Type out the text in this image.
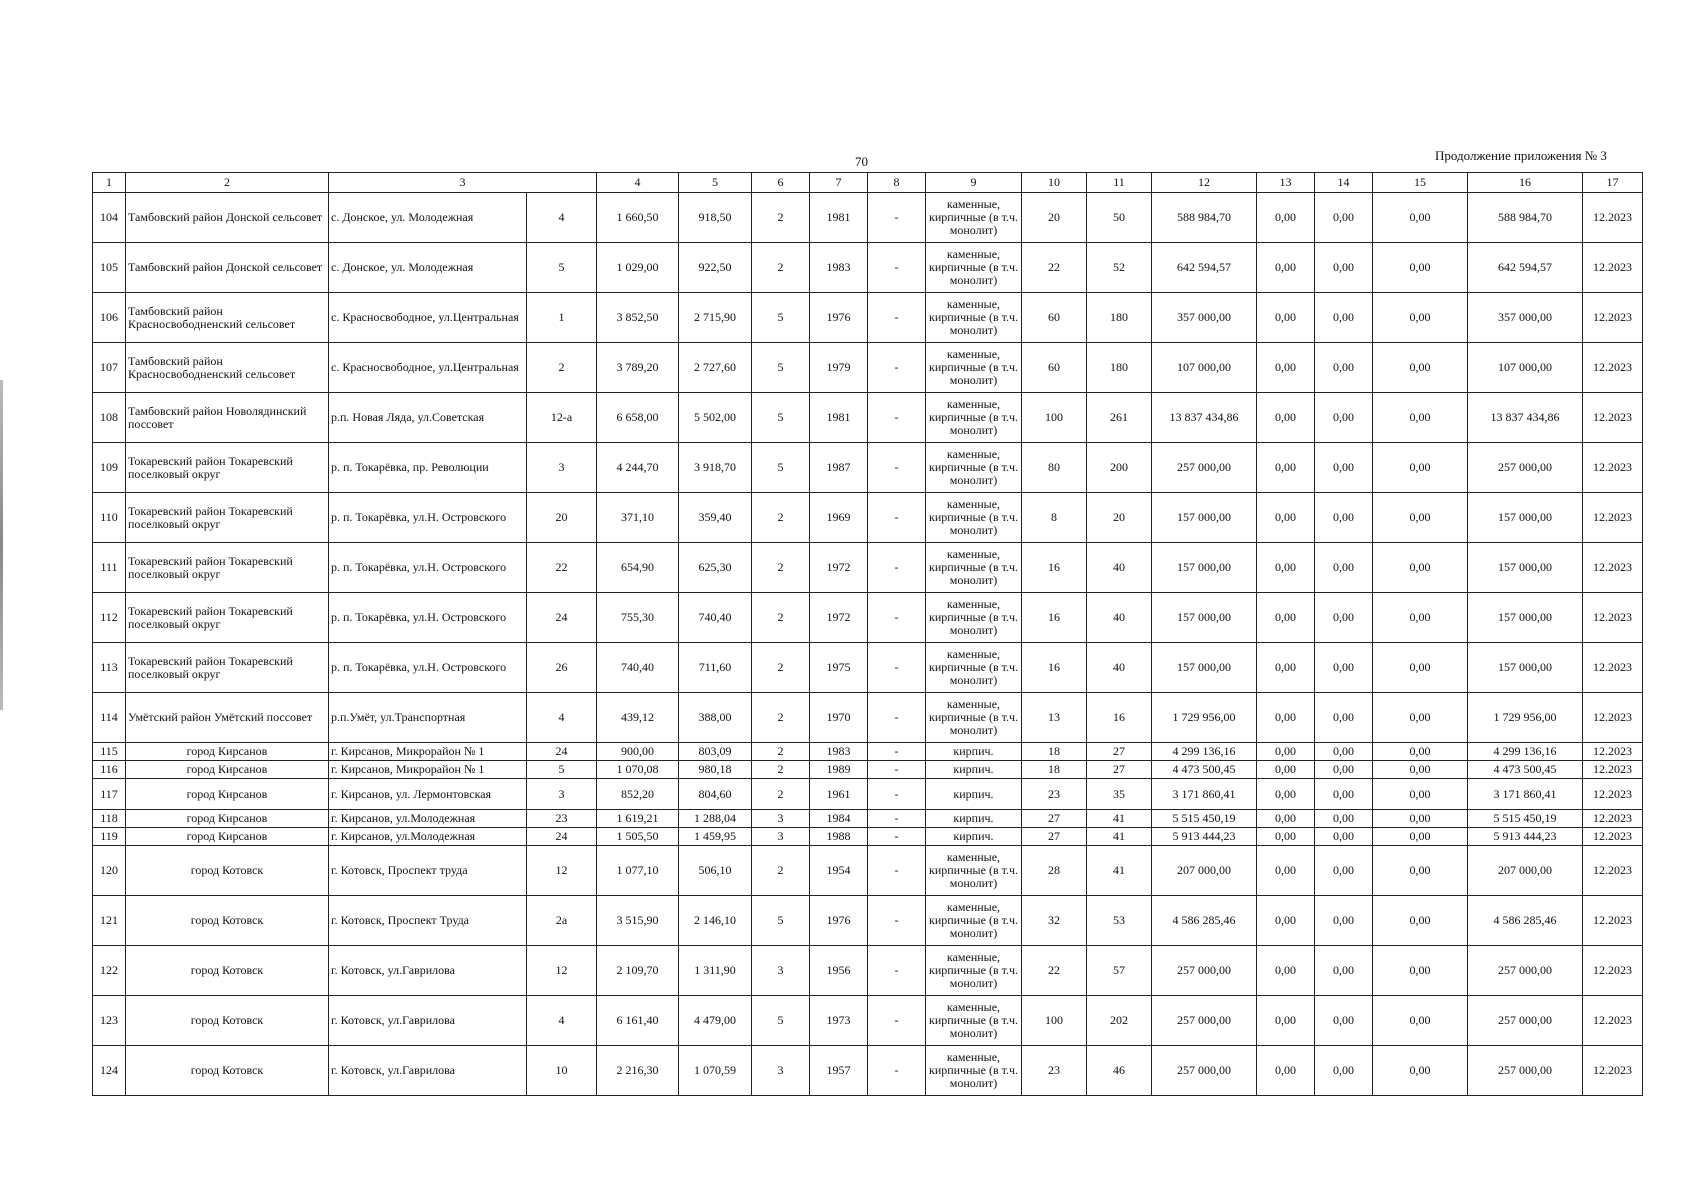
70	Продолжение приложения № 3
1	2	3		4	5	6	7	8	9	10	11	12	13	14	15	16	17
104	Тамбовский район Донской сельсовет	с. Донское, ул. Молодежная	4	1 660,50	918,50	2	1981	-	каменные, кирпичные (в т.ч. монолит)	20	50	588 984,70	0,00	0,00	0,00	588 984,70	12.2023
105	Тамбовский район Донской сельсовет	с. Донское, ул. Молодежная	5	1 029,00	922,50	2	1983	-	каменные, кирпичные (в т.ч. монолит)	22	52	642 594,57	0,00	0,00	0,00	642 594,57	12.2023
106	Тамбовский район Красносвободненский сельсовет	с. Красносвободное, ул.Центральная	1	3 852,50	2 715,90	5	1976	-	каменные, кирпичные (в т.ч. монолит)	60	180	357 000,00	0,00	0,00	0,00	357 000,00	12.2023
107	Тамбовский район Красносвободненский сельсовет	с. Красносвободное, ул.Центральная	2	3 789,20	2 727,60	5	1979	-	каменные, кирпичные (в т.ч. монолит)	60	180	107 000,00	0,00	0,00	0,00	107 000,00	12.2023
108	Тамбовский район Новолядинский поссовет	р.п. Новая Ляда, ул.Советская	12-а	6 658,00	5 502,00	5	1981	-	каменные, кирпичные (в т.ч. монолит)	100	261	13 837 434,86	0,00	0,00	0,00	13 837 434,86	12.2023
109	Токаревский район Токаревский поселковый округ	р. п. Токарёвка, пр. Революции	3	4 244,70	3 918,70	5	1987	-	каменные, кирпичные (в т.ч. монолит)	80	200	257 000,00	0,00	0,00	0,00	257 000,00	12.2023
110	Токаревский район Токаревский поселковый округ	р. п. Токарёвка, ул.Н. Островского	20	371,10	359,40	2	1969	-	каменные, кирпичные (в т.ч. монолит)	8	20	157 000,00	0,00	0,00	0,00	157 000,00	12.2023
111	Токаревский район Токаревский поселковый округ	р. п. Токарёвка, ул.Н. Островского	22	654,90	625,30	2	1972	-	каменные, кирпичные (в т.ч. монолит)	16	40	157 000,00	0,00	0,00	0,00	157 000,00	12.2023
112	Токаревский район Токаревский поселковый округ	р. п. Токарёвка, ул.Н. Островского	24	755,30	740,40	2	1972	-	каменные, кирпичные (в т.ч. монолит)	16	40	157 000,00	0,00	0,00	0,00	157 000,00	12.2023
113	Токаревский район Токаревский поселковый округ	р. п. Токарёвка, ул.Н. Островского	26	740,40	711,60	2	1975	-	каменные, кирпичные (в т.ч. монолит)	16	40	157 000,00	0,00	0,00	0,00	157 000,00	12.2023
114	Умётский район Умётский поссовет	р.п.Умёт, ул.Транспортная	4	439,12	388,00	2	1970	-	каменные, кирпичные (в т.ч. монолит)	13	16	1 729 956,00	0,00	0,00	0,00	1 729 956,00	12.2023
115	город Кирсанов	г. Кирсанов, Микрорайон № 1	24	900,00	803,09	2	1983	-	кирпич.	18	27	4 299 136,16	0,00	0,00	0,00	4 299 136,16	12.2023
116	город Кирсанов	г. Кирсанов, Микрорайон № 1	5	1 070,08	980,18	2	1989	-	кирпич.	18	27	4 473 500,45	0,00	0,00	0,00	4 473 500,45	12.2023
117	город Кирсанов	г. Кирсанов, ул. Лермонтовская	3	852,20	804,60	2	1961	-	кирпич.	23	35	3 171 860,41	0,00	0,00	0,00	3 171 860,41	12.2023
118	город Кирсанов	г. Кирсанов, ул.Молодежная	23	1 619,21	1 288,04	3	1984	-	кирпич.	27	41	5 515 450,19	0,00	0,00	0,00	5 515 450,19	12.2023
119	город Кирсанов	г. Кирсанов, ул.Молодежная	24	1 505,50	1 459,95	3	1988	-	кирпич.	27	41	5 913 444,23	0,00	0,00	0,00	5 913 444,23	12.2023
120	город Котовск	г. Котовск, Проспект труда	12	1 077,10	506,10	2	1954	-	каменные, кирпичные (в т.ч. монолит)	28	41	207 000,00	0,00	0,00	0,00	207 000,00	12.2023
121	город Котовск	г. Котовск, Проспект Труда	2а	3 515,90	2 146,10	5	1976	-	каменные, кирпичные (в т.ч. монолит)	32	53	4 586 285,46	0,00	0,00	0,00	4 586 285,46	12.2023
122	город Котовск	г. Котовск, ул.Гаврилова	12	2 109,70	1 311,90	3	1956	-	каменные, кирпичные (в т.ч. монолит)	22	57	257 000,00	0,00	0,00	0,00	257 000,00	12.2023
123	город Котовск	г. Котовск, ул.Гаврилова	4	6 161,40	4 479,00	5	1973	-	каменные, кирпичные (в т.ч. монолит)	100	202	257 000,00	0,00	0,00	0,00	257 000,00	12.2023
124	город Котовск	г. Котовск, ул.Гаврилова	10	2 216,30	1 070,59	3	1957	-	каменные, кирпичные (в т.ч. монолит)	23	46	257 000,00	0,00	0,00	0,00	257 000,00	12.2023
